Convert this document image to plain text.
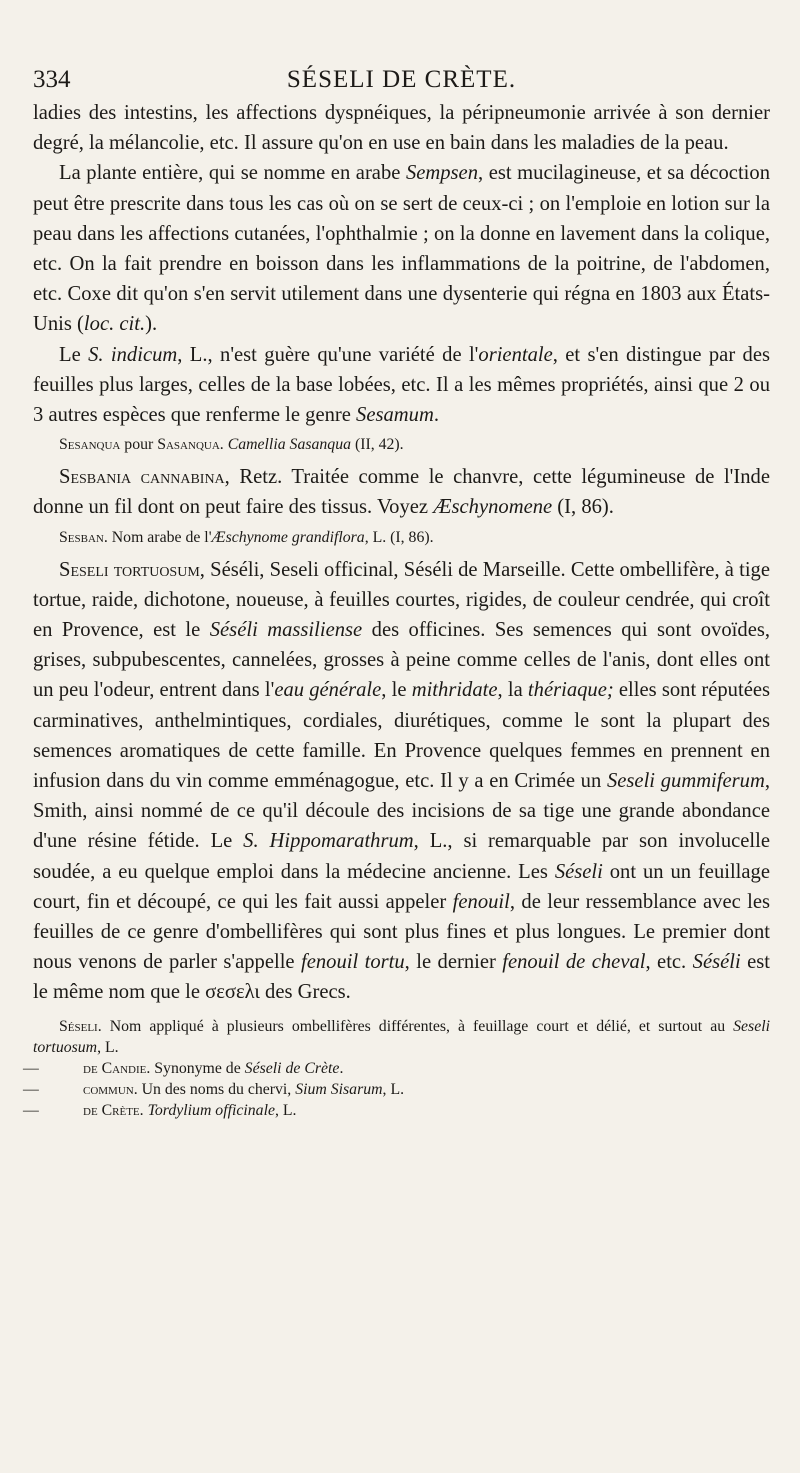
334	SÉSELI DE CRÈTE.

ladies des intestins, les affections dyspnéiques, la péripneumonie arrivée à son dernier degré, la mélancolie, etc. Il assure qu'on en use en bain dans les maladies de la peau.

La plante entière, qui se nomme en arabe Sempsen, est mucilagineuse, et sa décoction peut être prescrite dans tous les cas où on se sert de ceux-ci ; on l'emploie en lotion sur la peau dans les affections cutanées, l'ophthalmie ; on la donne en lavement dans la colique, etc. On la fait prendre en boisson dans les inflammations de la poitrine, de l'abdomen, etc. Coxe dit qu'on s'en servit utilement dans une dysenterie qui régna en 1803 aux États-Unis (loc. cit.).

Le S. indicum, L., n'est guère qu'une variété de l'orientale, et s'en distingue par des feuilles plus larges, celles de la base lobées, etc. Il a les mêmes propriétés, ainsi que 2 ou 3 autres espèces que renferme le genre Sesamum.

Sesanqua pour Sasanqua. Camellia Sasanqua (II, 42).

Sesbania cannabina, Retz. Traitée comme le chanvre, cette légumineuse de l'Inde donne un fil dont on peut faire des tissus. Voyez Æschynomene (I, 86).

Sesban. Nom arabe de l'Æschynome grandiflora, L. (I, 86).

Seseli tortuosum, Séséli, Seseli officinal, Séséli de Marseille. Cette ombellifère, à tige tortue, raide, dichotone, noueuse, à feuilles courtes, rigides, de couleur cendrée, qui croît en Provence, est le Séséli massiliense des officines. Ses semences qui sont ovoïdes, grises, subpubescentes, cannelées, grosses à peine comme celles de l'anis, dont elles ont un peu l'odeur, entrent dans l'eau générale, le mithridate, la thériaque; elles sont réputées carminatives, anthelmintiques, cordiales, diurétiques, comme le sont la plupart des semences aromatiques de cette famille. En Provence quelques femmes en prennent en infusion dans du vin comme emménagogue, etc. Il y a en Crimée un Seseli gummiferum, Smith, ainsi nommé de ce qu'il découle des incisions de sa tige une grande abondance d'une résine fétide. Le S. Hippomarathrum, L., si remarquable par son involucelle soudée, a eu quelque emploi dans la médecine ancienne. Les Séseli ont un un feuillage court, fin et découpé, ce qui les fait aussi appeler fenouil, de leur ressemblance avec les feuilles de ce genre d'ombellifères qui sont plus fines et plus longues. Le premier dont nous venons de parler s'appelle fenouil tortu, le dernier fenouil de cheval, etc. Séséli est le même nom que le σεσελι des Grecs.

Séseli. Nom appliqué à plusieurs ombellifères différentes, à feuillage court et délié, et surtout au Seseli tortuosum, L.

—	de Candie. Synonyme de Séseli de Crète.

—	commun. Un des noms du chervi, Sium Sisarum, L.

—	de Crète. Tordylium officinale, L.
